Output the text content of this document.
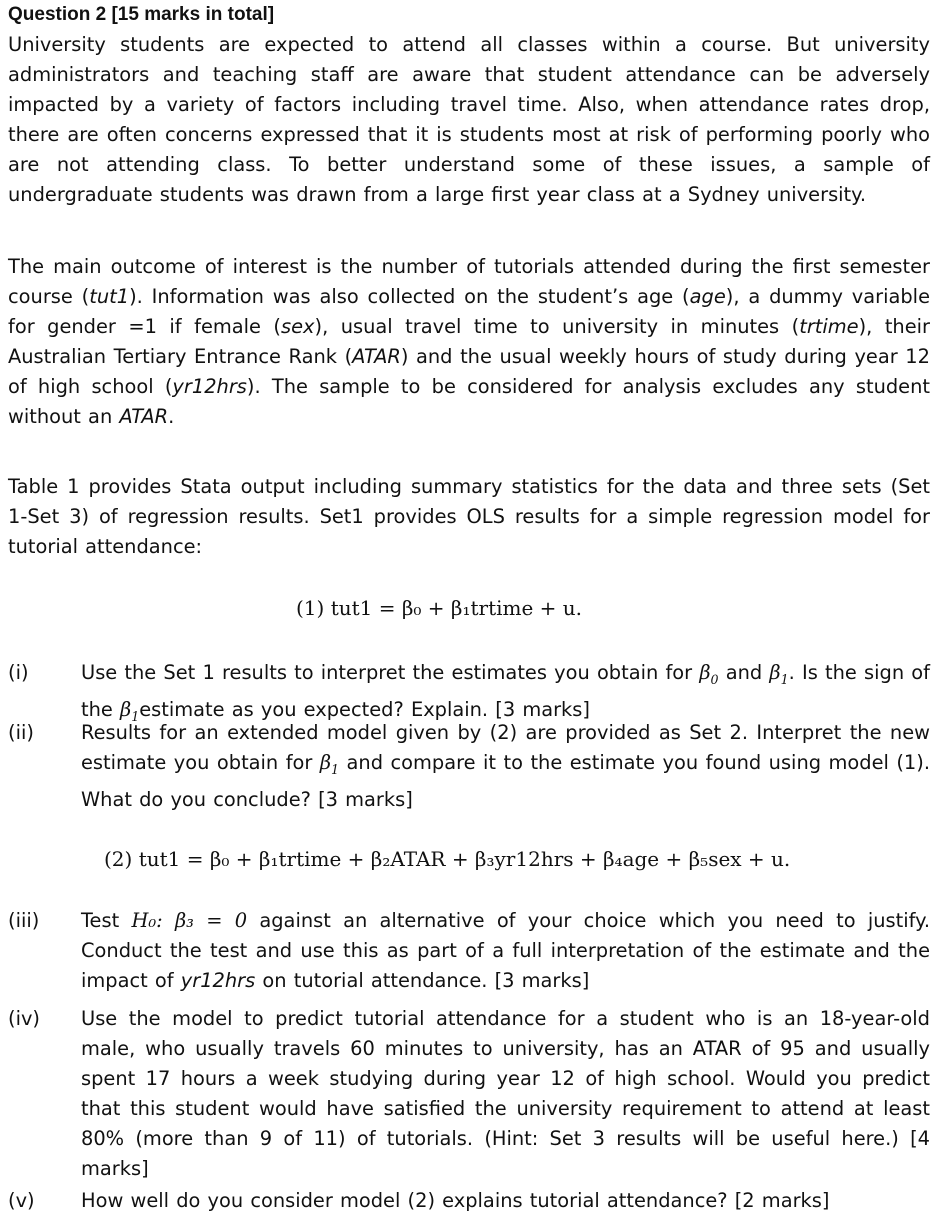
Question 2 [15 marks in total]
University students are expected to attend all classes within a course. But university administrators and teaching staff are aware that student attendance can be adversely impacted by a variety of factors including travel time. Also, when attendance rates drop, there are often concerns expressed that it is students most at risk of performing poorly who are not attending class. To better understand some of these issues, a sample of undergraduate students was drawn from a large first year class at a Sydney university.
The main outcome of interest is the number of tutorials attended during the first semester course (tut1). Information was also collected on the student’s age (age), a dummy variable for gender =1 if female (sex), usual travel time to university in minutes (trtime), their Australian Tertiary Entrance Rank (ATAR) and the usual weekly hours of study during year 12 of high school (yr12hrs). The sample to be considered for analysis excludes any student without an ATAR.
Table 1 provides Stata output including summary statistics for the data and three sets (Set 1-Set 3) of regression results. Set1 provides OLS results for a simple regression model for tutorial attendance:
(1) tut1 = β₀ + β₁trtime + u.
(i)	Use the Set 1 results to interpret the estimates you obtain for $\beta_0$ and $\beta_1$. Is the sign of the $\beta_1estimate$ as you expected? Explain. [3 marks]
(ii) Results for an extended model given by (2) are provided as Set 2. Interpret the new estimate you obtain for $\beta_1$ and compare it to the estimate you found using model (1). What do you conclude? [3 marks]
(2) tut1 = β₀ + β₁trtime + β₂ATAR + β₃yr12hrs + β₄age + β₅sex + u.
(iii) Test H₀: β₃ = 0 against an alternative of your choice which you need to justify. Conduct the test and use this as part of a full interpretation of the estimate and the impact of yr12hrs on tutorial attendance. [3 marks]
(iv) Use the model to predict tutorial attendance for a student who is an 18-year-old male, who usually travels 60 minutes to university, has an ATAR of 95 and usually spent 17 hours a week studying during year 12 of high school. Would you predict that this student would have satisfied the university requirement to attend at least 80% (more than 9 of 11) of tutorials. (Hint: Set 3 results will be useful here.) [4 marks]
(v) How well do you consider model (2) explains tutorial attendance? [2 marks]
